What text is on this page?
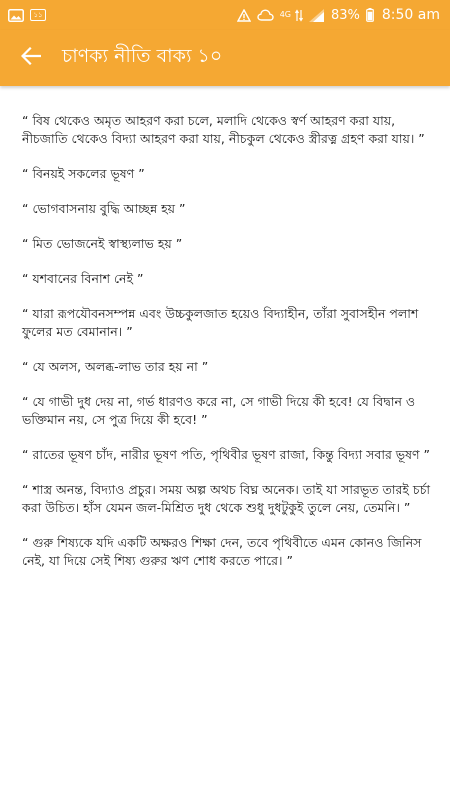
১১	4G	83% 8:50 am
চাণক্য নীতি বাক্য ১০

“ বিষ থেকেও অমৃত আহরণ করা চলে, মলাদি থেকেও স্বর্ণ আহরণ করা যায়, নীচজাতি থেকেও বিদ্যা আহরণ করা যায়, নীচকুল থেকেও স্ত্রীরত্ন গ্রহণ করা যায়। ”

“ বিনয়ই সকলের ভূষণ ”

“ ভোগবাসনায় বুদ্ধি আচ্ছন্ন হয় ”

“ মিত ভোজনেই স্বাস্থ্যলাভ হয় ”

“ যশবানের বিনাশ নেই ”

“ যারা রূপযৌবনসম্পন্ন এবং উচ্চকুলজাত হয়েও বিদ্যাহীন, তাঁরা সুবাসহীন পলাশ ফুলের মত বেমানান। ”

“ যে অলস, অলব্ধ-লাভ তার হয় না ”

“ যে গাভী দুধ দেয় না, গর্ভ ধারণও করে না, সে গাভী দিয়ে কী হবে! যে বিদ্বান ও ভক্তিমান নয়, সে পুত্র দিয়ে কী হবে! ”

“ রাতের ভূষণ চাঁদ, নারীর ভূষণ পতি, পৃথিবীর ভূষণ রাজা, কিন্তু বিদ্যা সবার ভূষণ ”

“ শাস্ত্র অনন্ত, বিদ্যাও প্রচুর। সময় অল্প অথচ বিঘ্ন অনেক। তাই যা সারভূত তারই চর্চা করা উচিত। হাঁস যেমন জল-মিশ্রিত দুধ থেকে শুধু দুধটুকুই তুলে নেয়, তেমনি। ”

“ গুরু শিষ্যকে যদি একটি অক্ষরও শিক্ষা দেন, তবে পৃথিবীতে এমন কোনও জিনিস নেই, যা দিয়ে সেই শিষ্য গুরুর ঋণ শোধ করতে পারে। ”
